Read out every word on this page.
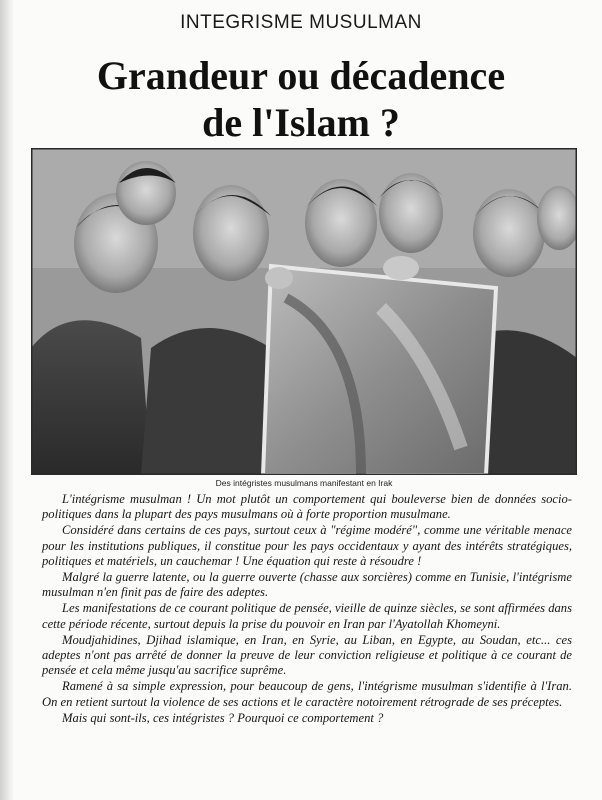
INTEGRISME MUSULMAN
Grandeur ou décadence
de l'Islam ?
Des intégristes musulmans manifestant en Irak

L'intégrisme musulman ! Un mot plutôt un comportement qui bouleverse bien de données socio-politiques dans la plupart des pays musulmans où à forte proportion musulmane.

Considéré dans certains de ces pays, surtout ceux à "régime modéré", comme une véritable menace pour les institutions publiques, il constitue pour les pays occidentaux y ayant des intérêts stratégiques, politiques et matériels, un cauchemar ! Une équation qui reste à résoudre !

Malgré la guerre latente, ou la guerre ouverte (chasse aux sorcières) comme en Tunisie, l'intégrisme musulman n'en finit pas de faire des adeptes.

Les manifestations de ce courant politique de pensée, vieille de quinze siècles, se sont affirmées dans cette période récente, surtout depuis la prise du pouvoir en Iran par l'Ayatollah Khomeyni.

Moudjahidines, Djihad islamique, en Iran, en Syrie, au Liban, en Egypte, au Soudan, etc... ces adeptes n'ont pas arrêté de donner la preuve de leur conviction religieuse et politique à ce courant de pensée et cela même jusqu'au sacrifice suprême.

Ramené à sa simple expression, pour beaucoup de gens, l'intégrisme musulman s'identifie à l'Iran. On en retient surtout la violence de ses actions et le caractère notoirement rétrograde de ses préceptes.

Mais qui sont-ils, ces intégristes ? Pourquoi ce comportement ?
